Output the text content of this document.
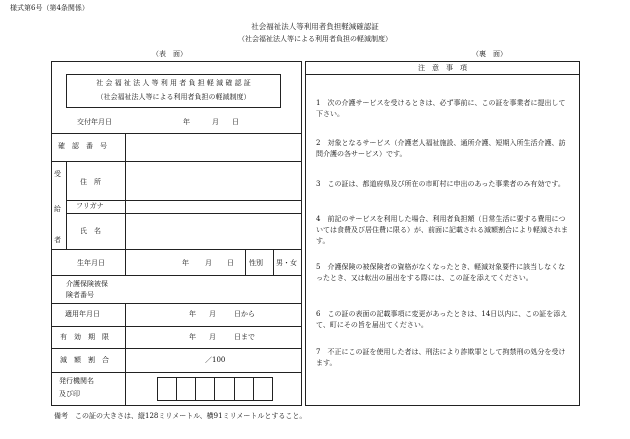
様式第6号（第4条関係）
社会福祉法人等利用者負担軽減確認証
（社会福祉法人等による利用者負担の軽減制度）
（表　面）	（裏　面）
社 会 福 祉 法 人 等 利 用 者 負 担 軽 減 確 認 証
（社会福祉法人等による利用者負担の軽減制度）
交付年月日	年	月 日
確　認　番　号
受
給
者
住　所
フリガナ
氏　名
生年月日	年 月 日 性別 男・女
介護保険被保
険者番号
適用年月日	年 月	日から
有　効　期　限	年 月	日まで
減　額　割　合	／100
発行機関名
及び印
注　意　事　項
1　次の介護サービスを受けるときは、必ず事前に、この証を事業者に提出して下さい。
2　対象となるサービス（介護老人福祉施設、通所介護、短期入所生活介護、訪問介護の各サービス）です。
3　この証は、都道府県及び所在の市町村に申出のあった事業者のみ有効です。
4　前記のサービスを利用した場合、利用者負担額（日常生活に要する費用については食費及び居住費に限る）が、前面に記載される減額割合により軽減されます。
5　介護保険の被保険者の資格がなくなったとき、軽減対象要件に該当しなくなったとき、又は転出の届出をする際には、この証を添えてください。
6　この証の表面の記載事項に変更があったときは、14日以内に、この証を添えて、町にその旨を届出てください。
7　不正にこの証を使用した者は、刑法により詐欺罪として拘禁刑の処分を受けます。
備考　この証の大きさは、縦128ミリメートル、横91ミリメートルとすること。
